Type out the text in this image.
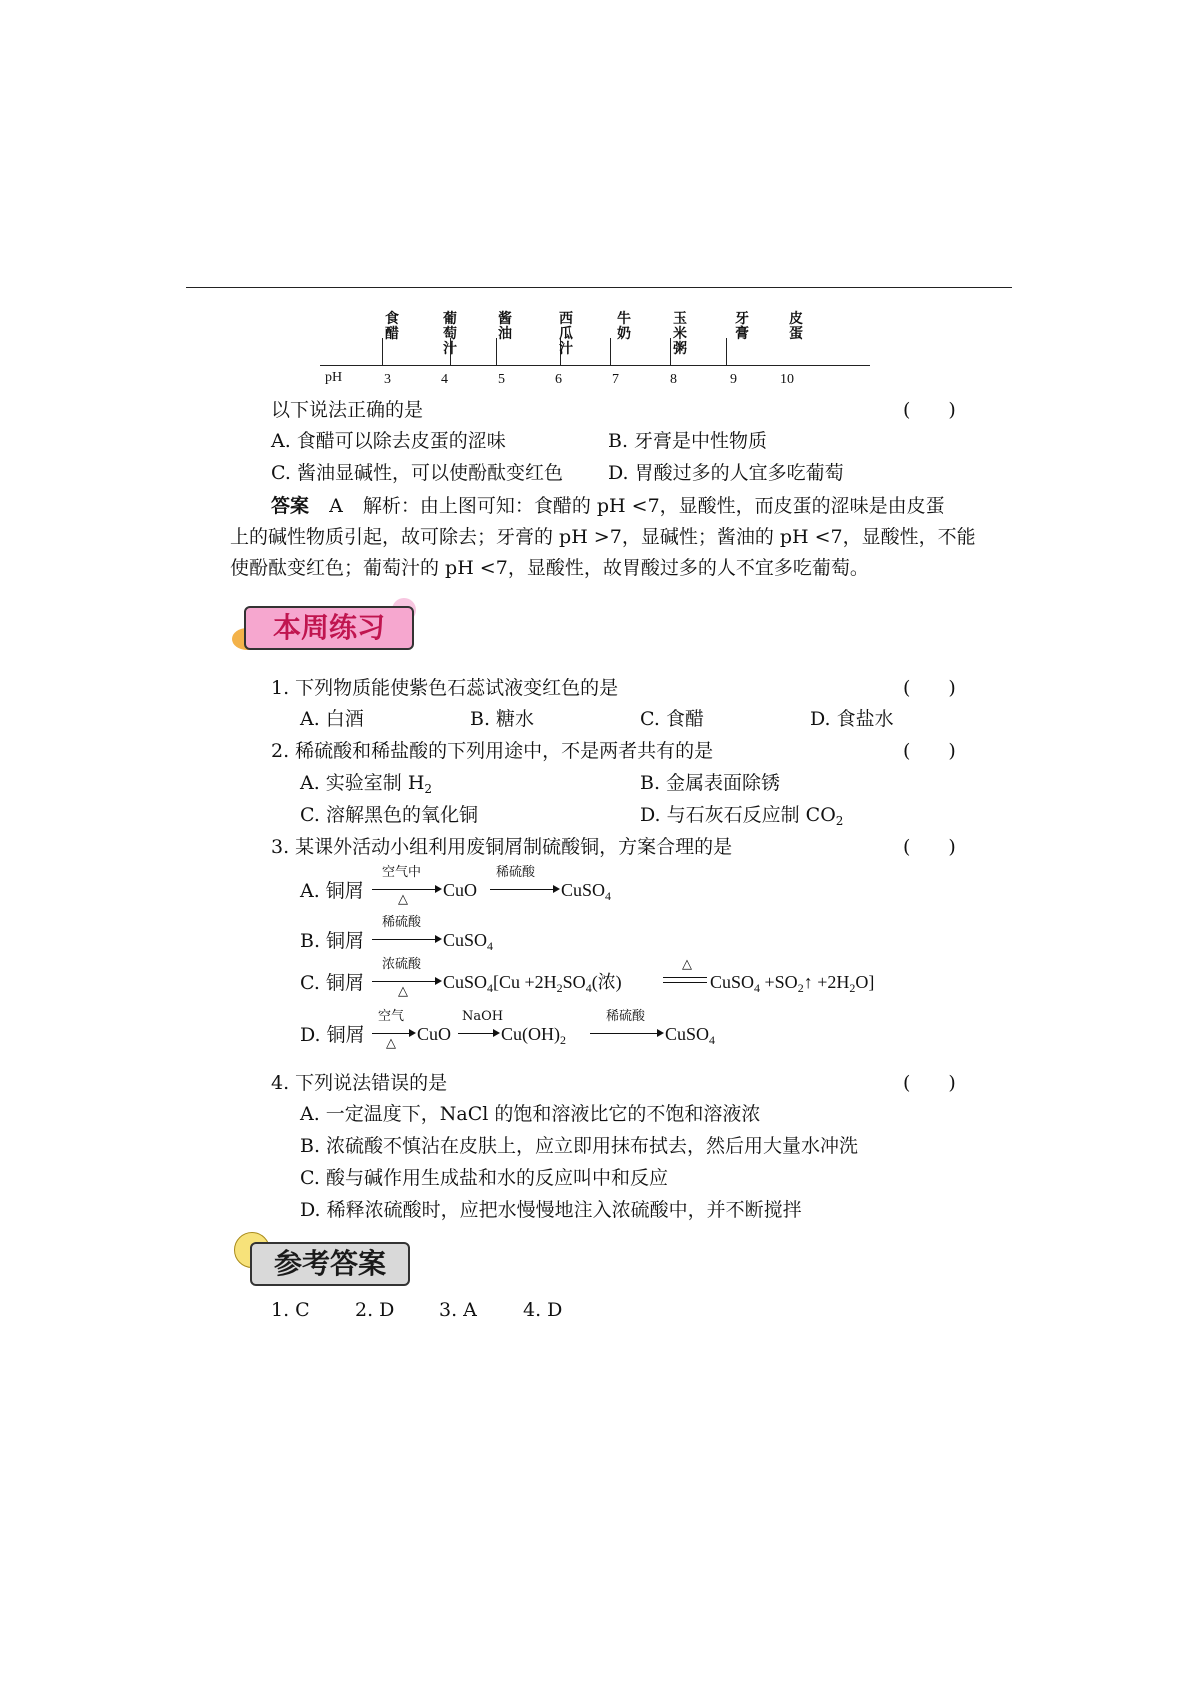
pH	3	4	5	6	7	8	9	10
食醋
葡萄汁
酱油
西瓜汁
牛奶
玉米粥
牙膏
皮蛋
以下说法正确的是	(　　)
A. 食醋可以除去皮蛋的涩味	B. 牙膏是中性物质
C. 酱油显碱性，可以使酚酞变红色 D. 胃酸过多的人宜多吃葡萄
答案 A 解析：由上图可知：食醋的 pH <7，显酸性，而皮蛋的涩味是由皮蛋
上的碱性物质引起，故可除去；牙膏的 pH >7，显碱性；酱油的 pH <7，显酸性，不能
使酚酞变红色；葡萄汁的 pH <7，显酸性，故胃酸过多的人不宜多吃葡萄。
本周练习
1. 下列物质能使紫色石蕊试液变红色的是	(　　)
A. 白酒	B. 糖水	C. 食醋	D. 食盐水
2. 稀硫酸和稀盐酸的下列用途中，不是两者共有的是	(　　)
A. 实验室制 $H_2$	B. 金属表面除锈
C. 溶解黑色的氧化铜	D. 与石灰石反应制 $CO_2$
3. 某课外活动小组利用废铜屑制硫酸铜，方案合理的是	(　　)
A. 铜屑
空气中
△ CuO
稀硫酸
CuSO$_4$
B. 铜屑
稀硫酸
CuSO$_4$
C. 铜屑
浓硫酸
△ CuSO$_4$[Cu $+2H_2SO_4$(浓)
△
CuSO$_4$ $+SO_2↑ +2H_2O$]
D. 铜屑
空气
△ CuO
NaOH
$Cu(OH)_2$
稀硫酸
CuSO$_4$
4. 下列说法错误的是	(　　)
A. 一定温度下，NaCl 的饱和溶液比它的不饱和溶液浓
B. 浓硫酸不慎沾在皮肤上，应立即用抹布拭去，然后用大量水冲洗
C. 酸与碱作用生成盐和水的反应叫中和反应
D. 稀释浓硫酸时，应把水慢慢地注入浓硫酸中，并不断搅拌
参考答案
1. C 2. D 3. A 4. D
